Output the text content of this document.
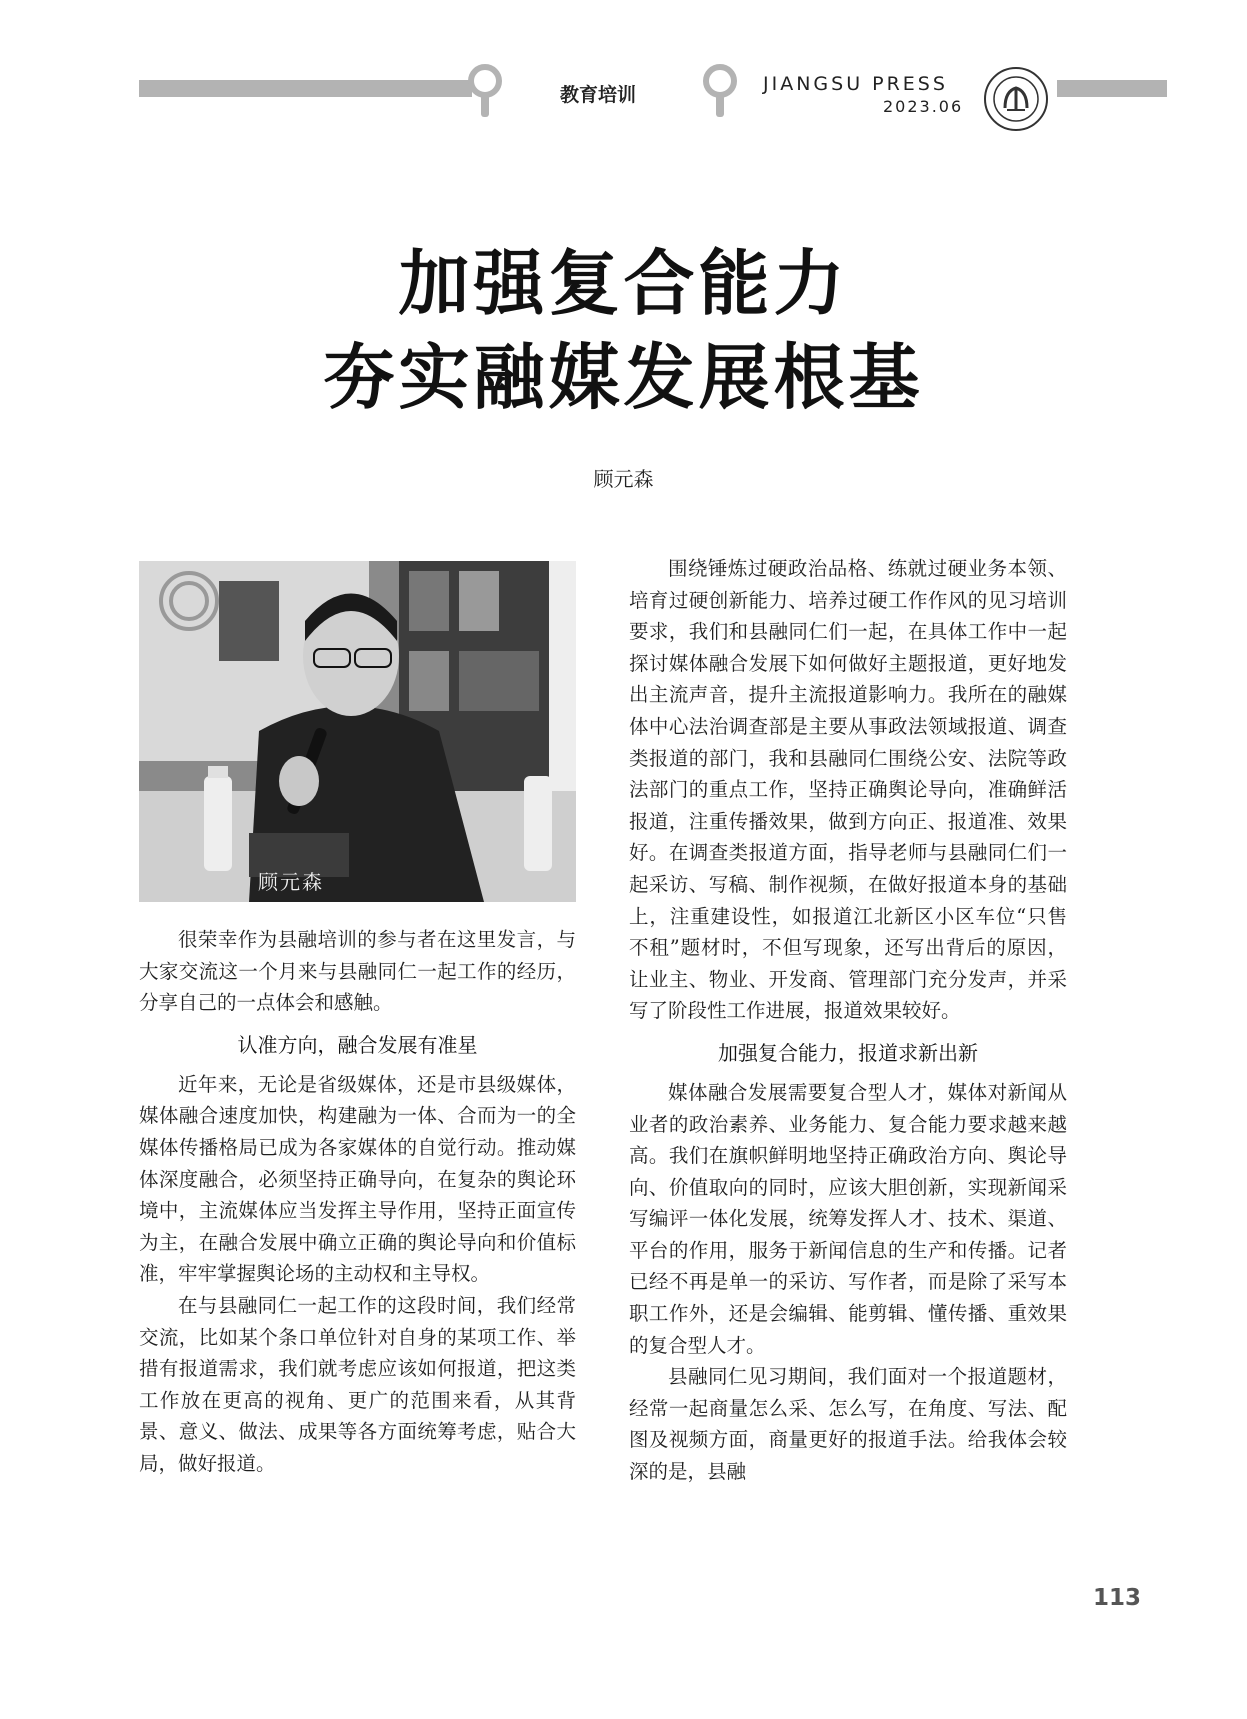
教育培训	JIANGSU PRESS
2023.06
加强复合能力
夯实融媒发展根基
顾元森
顾元森

很荣幸作为县融培训的参与者在这里发言，与大家交流这一个月来与县融同仁一起工作的经历，分享自己的一点体会和感触。

认准方向，融合发展有准星

近年来，无论是省级媒体，还是市县级媒体，媒体融合速度加快，构建融为一体、合而为一的全媒体传播格局已成为各家媒体的自觉行动。推动媒体深度融合，必须坚持正确导向，在复杂的舆论环境中，主流媒体应当发挥主导作用，坚持正面宣传为主，在融合发展中确立正确的舆论导向和价值标准，牢牢掌握舆论场的主动权和主导权。

在与县融同仁一起工作的这段时间，我们经常交流，比如某个条口单位针对自身的某项工作、举措有报道需求，我们就考虑应该如何报道，把这类工作放在更高的视角、更广的范围来看，从其背景、意义、做法、成果等各方面统筹考虑，贴合大局，做好报道。

围绕锤炼过硬政治品格、练就过硬业务本领、培育过硬创新能力、培养过硬工作作风的见习培训要求，我们和县融同仁们一起，在具体工作中一起探讨媒体融合发展下如何做好主题报道，更好地发出主流声音，提升主流报道影响力。我所在的融媒体中心法治调查部是主要从事政法领域报道、调查类报道的部门，我和县融同仁围绕公安、法院等政法部门的重点工作，坚持正确舆论导向，准确鲜活报道，注重传播效果，做到方向正、报道准、效果好。在调查类报道方面，指导老师与县融同仁们一起采访、写稿、制作视频，在做好报道本身的基础上，注重建设性，如报道江北新区小区车位“只售不租”题材时，不但写现象，还写出背后的原因，让业主、物业、开发商、管理部门充分发声，并采写了阶段性工作进展，报道效果较好。

加强复合能力，报道求新出新

媒体融合发展需要复合型人才，媒体对新闻从业者的政治素养、业务能力、复合能力要求越来越高。我们在旗帜鲜明地坚持正确政治方向、舆论导向、价值取向的同时，应该大胆创新，实现新闻采写编评一体化发展，统筹发挥人才、技术、渠道、平台的作用，服务于新闻信息的生产和传播。记者已经不再是单一的采访、写作者，而是除了采写本职工作外，还是会编辑、能剪辑、懂传播、重效果的复合型人才。

县融同仁见习期间，我们面对一个报道题材，经常一起商量怎么采、怎么写，在角度、写法、配图及视频方面，商量更好的报道手法。给我体会较深的是，县融

113
